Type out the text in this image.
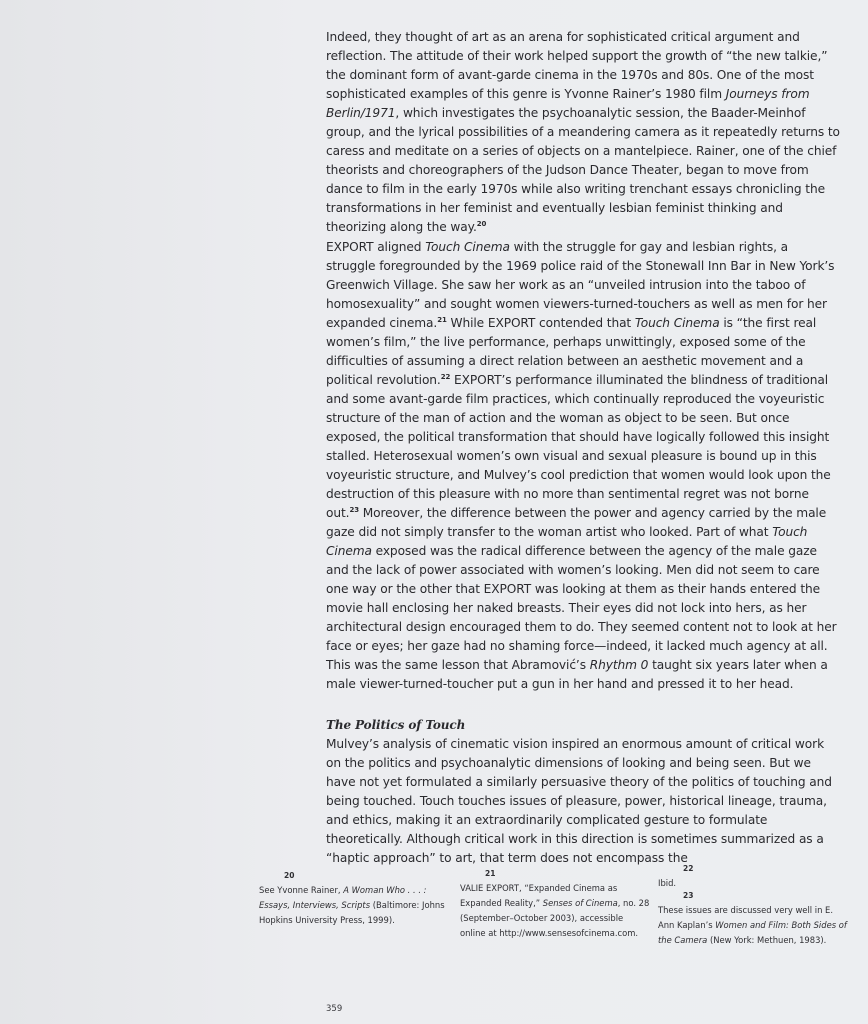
Indeed, they thought of art as an arena for sophisticated critical argument and reflection. The attitude of their work helped support the growth of “the new talkie,” the dominant form of avant-garde cinema in the 1970s and 80s. One of the most sophisticated examples of this genre is Yvonne Rainer’s 1980 film Journeys from Berlin/1971, which investigates the psychoanalytic session, the Baader-Meinhof group, and the lyrical possibilities of a meandering camera as it repeatedly returns to caress and meditate on a series of objects on a mantelpiece. Rainer, one of the chief theorists and choreographers of the Judson Dance Theater, began to move from dance to film in the early 1970s while also writing trenchant essays chronicling the transformations in her feminist and eventually lesbian feminist thinking and theorizing along the way.$^{20}$

EXPORT aligned Touch Cinema with the struggle for gay and lesbian rights, a struggle foregrounded by the 1969 police raid of the Stonewall Inn Bar in New York’s Greenwich Village. She saw her work as an “unveiled intrusion into the taboo of homosexuality” and sought women viewers-turned-touchers as well as men for her expanded cinema.$^{21}$ While EXPORT contended that Touch Cinema is “the first real women’s film,” the live performance, perhaps unwittingly, exposed some of the difficulties of assuming a direct relation between an aesthetic movement and a political revolution.$^{22}$ EXPORT’s performance illuminated the blindness of traditional and some avant-garde film practices, which continually reproduced the voyeuristic structure of the man of action and the woman as object to be seen. But once exposed, the political transformation that should have logically followed this insight stalled. Heterosexual women’s own visual and sexual pleasure is bound up in this voyeuristic structure, and Mulvey’s cool prediction that women would look upon the destruction of this pleasure with no more than sentimental regret was not borne out.$^{23}$ Moreover, the difference between the power and agency carried by the male gaze did not simply transfer to the woman artist who looked. Part of what Touch Cinema exposed was the radical difference between the agency of the male gaze and the lack of power associated with women’s looking. Men did not seem to care one way or the other that EXPORT was looking at them as their hands entered the movie hall enclosing her naked breasts. Their eyes did not lock into hers, as her architectural design encouraged them to do. They seemed content not to look at her face or eyes; her gaze had no shaming force—indeed, it lacked much agency at all. This was the same lesson that Abramović’s Rhythm 0 taught six years later when a male viewer-turned-toucher put a gun in her hand and pressed it to her head.

The Politics of Touch

Mulvey’s analysis of cinematic vision inspired an enormous amount of critical work on the politics and psychoanalytic dimensions of looking and being seen. But we have not yet formulated a similarly persuasive theory of the politics of touching and being touched. Touch touches issues of pleasure, power, historical lineage, trauma, and ethics, making it an extraordinarily complicated gesture to formulate theoretically. Although critical work in this direction is sometimes summarized as a “haptic approach” to art, that term does not encompass the

20

See Yvonne Rainer, A Woman Who . . . : Essays, Interviews, Scripts (Baltimore: Johns Hopkins University Press, 1999).

21

VALIE EXPORT, “Expanded Cinema as Expanded Reality,” Senses of Cinema, no. 28 (September–October 2003), accessible online at http://www.sensesofcinema.com.

22

Ibid.

23

These issues are discussed very well in E. Ann Kaplan’s Women and Film: Both Sides of the Camera (New York: Methuen, 1983).

359
